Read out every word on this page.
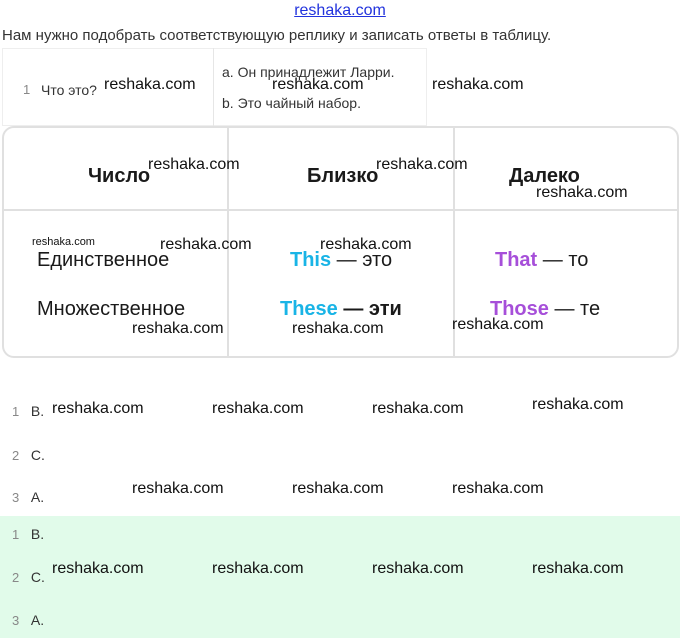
reshaka.com
Нам нужно подобрать соответствующую реплику и записать ответы в таблицу.
1 Что это?
a. Он принадлежит Ларри.
b. Это чайный набор.
Число	Близко	Далеко
Единственное	This — это	That — то
Множественное	These — эти	Those — те
1 B.
2 C.
3 A.
1 B.
2 C.
3 A.
reshaka.com	reshaka.com	reshaka.com
reshaka.com	reshaka.com
reshaka.com
reshaka.com	reshaka.com	reshaka.com
reshaka.com	reshaka.com	reshaka.com
reshaka.com	reshaka.com	reshaka.com	reshaka.com
reshaka.com	reshaka.com	reshaka.com
reshaka.com	reshaka.com	reshaka.com	reshaka.com
